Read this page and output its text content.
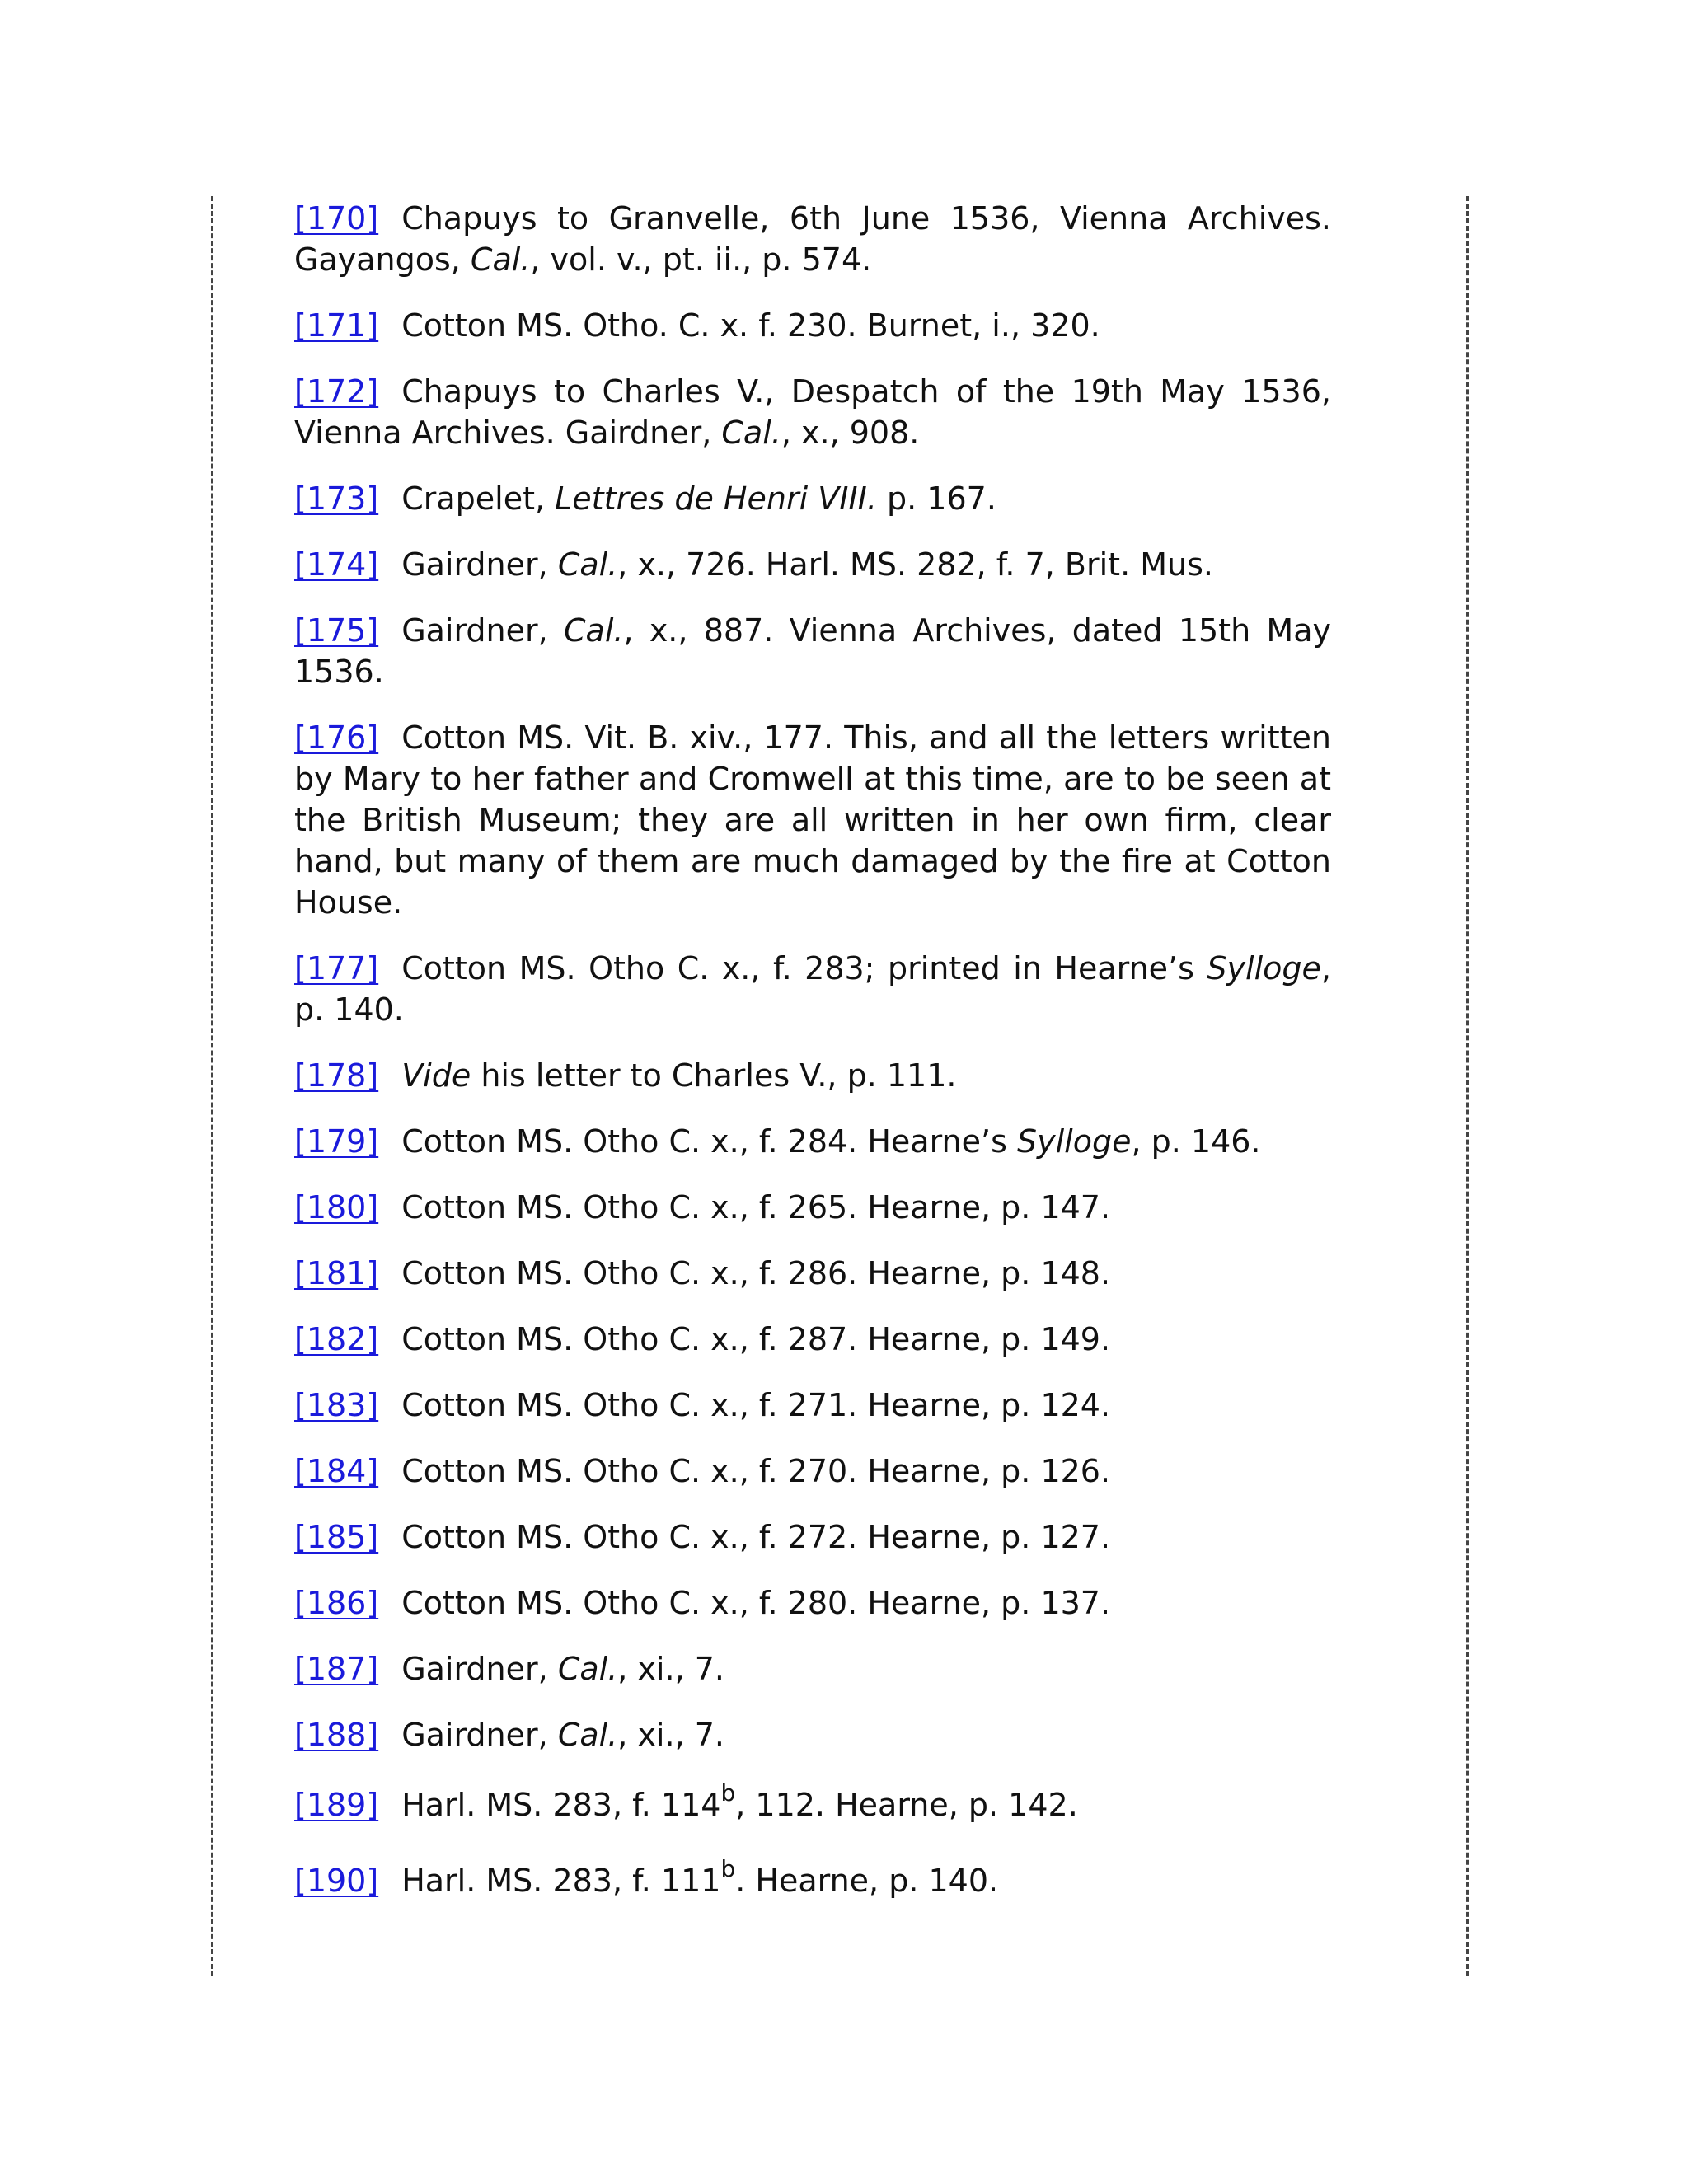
[170] Chapuys to Granvelle, 6th June 1536, Vienna Archives. Gayangos, Cal., vol. v., pt. ii., p. 574.

[171] Cotton MS. Otho. C. x. f. 230. Burnet, i., 320.

[172] Chapuys to Charles V., Despatch of the 19th May 1536, Vienna Archives. Gairdner, Cal., x., 908.

[173] Crapelet, Lettres de Henri VIII. p. 167.

[174] Gairdner, Cal., x., 726. Harl. MS. 282, f. 7, Brit. Mus.

[175] Gairdner, Cal., x., 887. Vienna Archives, dated 15th May 1536.

[176] Cotton MS. Vit. B. xiv., 177. This, and all the letters written by Mary to her father and Cromwell at this time, are to be seen at the British Museum; they are all written in her own firm, clear hand, but many of them are much damaged by the fire at Cotton House.

[177] Cotton MS. Otho C. x., f. 283; printed in Hearne’s Sylloge, p. 140.

[178] Vide his letter to Charles V., p. 111.

[179] Cotton MS. Otho C. x., f. 284. Hearne’s Sylloge, p. 146.

[180] Cotton MS. Otho C. x., f. 265. Hearne, p. 147.

[181] Cotton MS. Otho C. x., f. 286. Hearne, p. 148.

[182] Cotton MS. Otho C. x., f. 287. Hearne, p. 149.

[183] Cotton MS. Otho C. x., f. 271. Hearne, p. 124.

[184] Cotton MS. Otho C. x., f. 270. Hearne, p. 126.

[185] Cotton MS. Otho C. x., f. 272. Hearne, p. 127.

[186] Cotton MS. Otho C. x., f. 280. Hearne, p. 137.

[187] Gairdner, Cal., xi., 7.

[188] Gairdner, Cal., xi., 7.

[189] Harl. MS. 283, f. 114$^b$, 112. Hearne, p. 142.

[190] Harl. MS. 283, f. 111$^b$. Hearne, p. 140.
